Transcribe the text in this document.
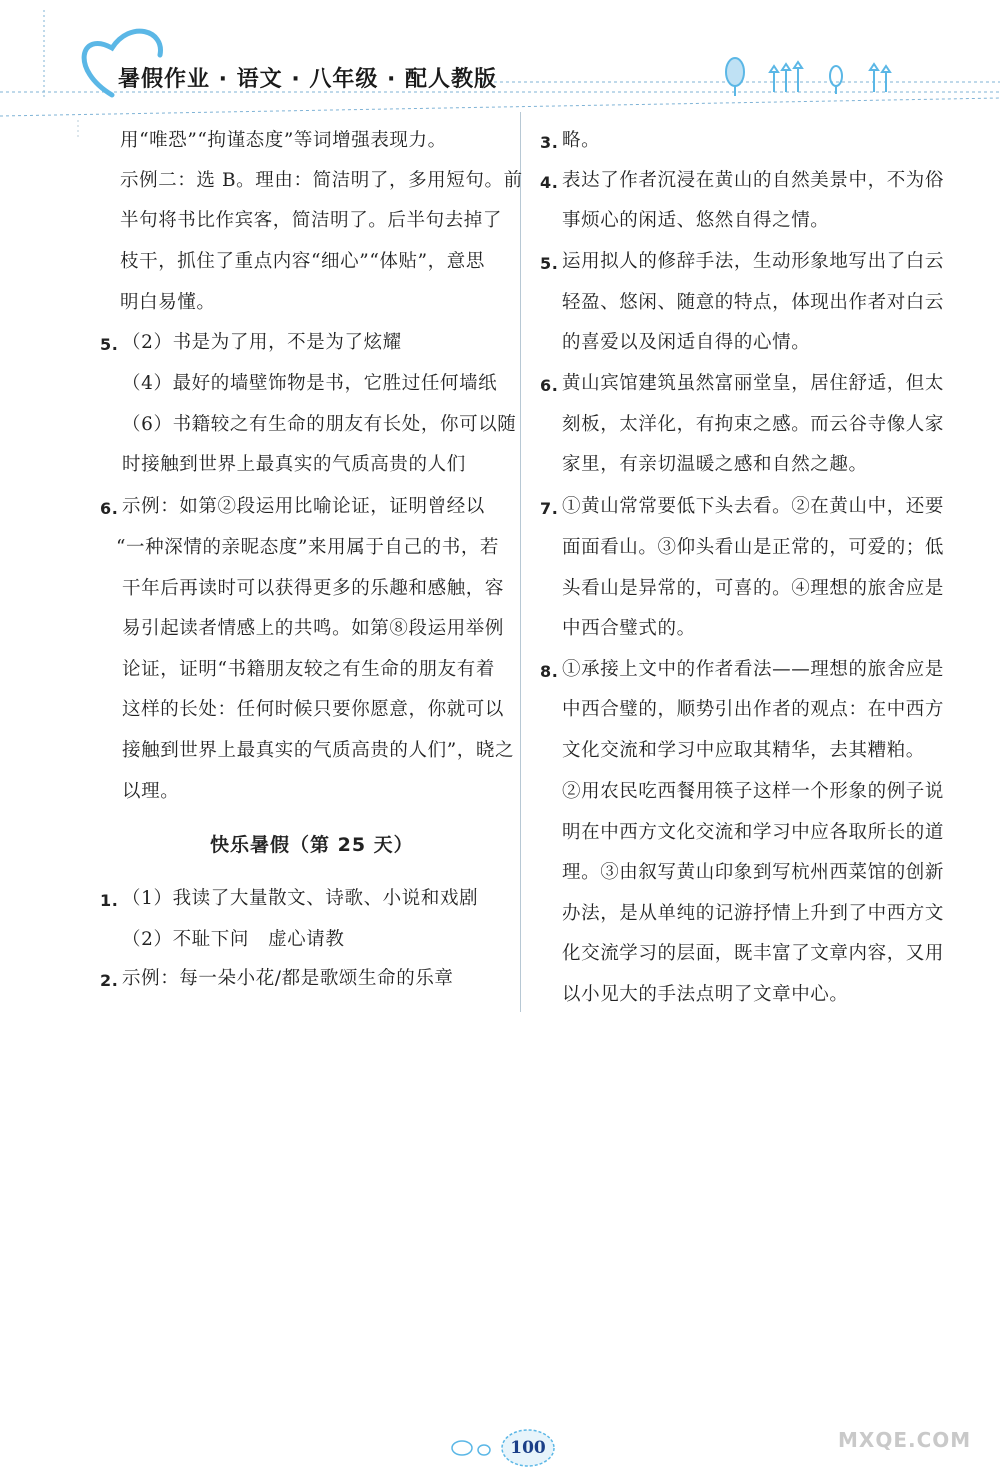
暑假作业 · 语文 · 八年级 · 配人教版
用“唯恐”“拘谨态度”等词增强表现力。
示例二：选 B。理由：简洁明了，多用短句。前
半句将书比作宾客，简洁明了。后半句去掉了
枝干，抓住了重点内容“细心”“体贴”，意思
明白易懂。
5. （2）书是为了用，不是为了炫耀
（4）最好的墙壁饰物是书，它胜过任何墙纸
（6）书籍较之有生命的朋友有长处，你可以随
时接触到世界上最真实的气质高贵的人们
6. 示例：如第②段运用比喻论证，证明曾经以
“一种深情的亲昵态度”来用属于自己的书，若
干年后再读时可以获得更多的乐趣和感触，容
易引起读者情感上的共鸣。如第⑧段运用举例
论证，证明“书籍朋友较之有生命的朋友有着
这样的长处：任何时候只要你愿意，你就可以
接触到世界上最真实的气质高贵的人们”，晓之
以理。
快乐暑假（第 25 天）
1. （1）我读了大量散文、诗歌、小说和戏剧
（2）不耻下问　虚心请教
2. 示例：每一朵小花/都是歌颂生命的乐章
3. 略。
4. 表达了作者沉浸在黄山的自然美景中，不为俗
事烦心的闲适、悠然自得之情。
5. 运用拟人的修辞手法，生动形象地写出了白云
轻盈、悠闲、随意的特点，体现出作者对白云
的喜爱以及闲适自得的心情。
6. 黄山宾馆建筑虽然富丽堂皇，居住舒适，但太
刻板，太洋化，有拘束之感。而云谷寺像人家
家里，有亲切温暖之感和自然之趣。
7. ①黄山常常要低下头去看。②在黄山中，还要
面面看山。③仰头看山是正常的，可爱的；低
头看山是异常的，可喜的。④理想的旅舍应是
中西合璧式的。
8. ①承接上文中的作者看法——理想的旅舍应是
中西合璧的，顺势引出作者的观点：在中西方
文化交流和学习中应取其精华，去其糟粕。
②用农民吃西餐用筷子这样一个形象的例子说
明在中西方文化交流和学习中应各取所长的道
理。③由叙写黄山印象到写杭州西菜馆的创新
办法，是从单纯的记游抒情上升到了中西方文
化交流学习的层面，既丰富了文章内容，又用
以小见大的手法点明了文章中心。
100	MXQE.COM
